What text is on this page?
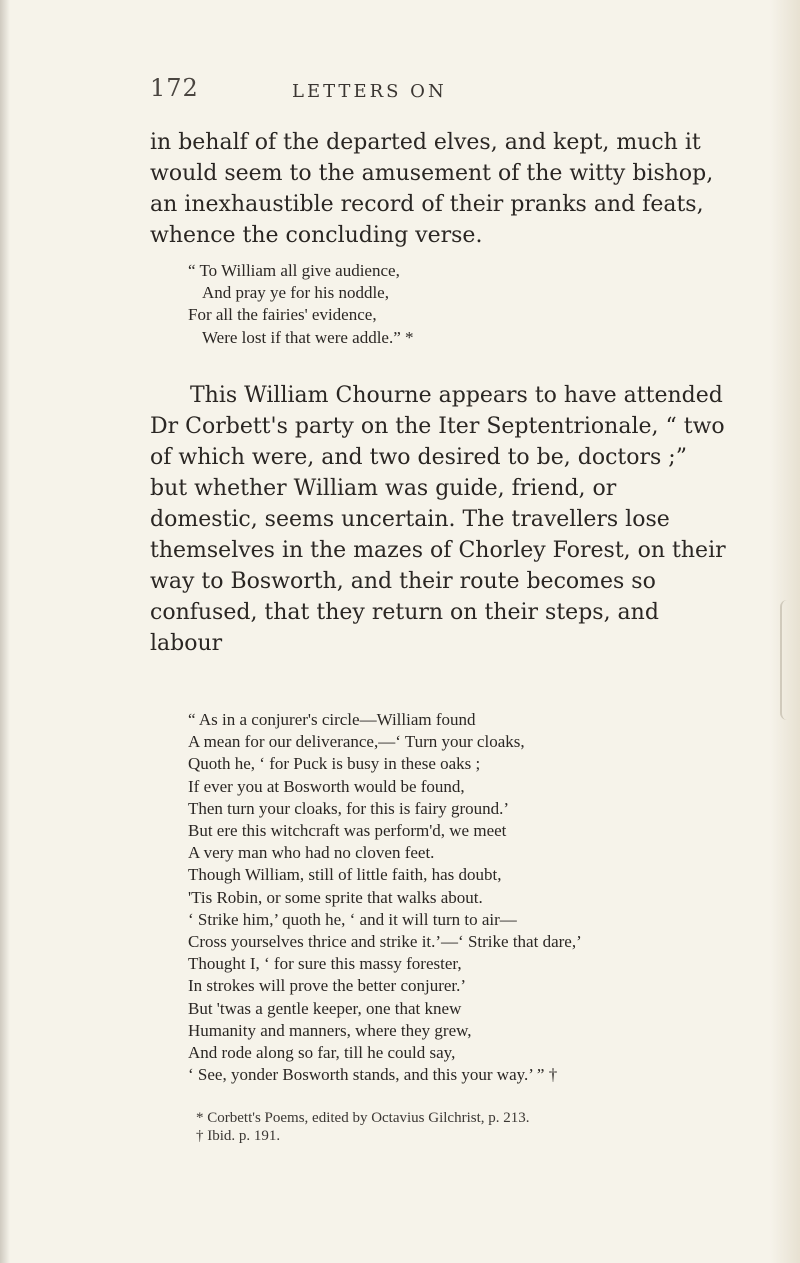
172	LETTERS ON

in behalf of the departed elves, and kept, much it would seem to the amusement of the witty bishop, an inexhaustible record of their pranks and feats, whence the concluding verse.

“ To William all give audience,
And pray ye for his noddle,
For all the fairies' evidence,
Were lost if that were addle.” *

This William Chourne appears to have attended Dr Corbett's party on the Iter Septentrionale, “ two of which were, and two desired to be, doctors ;” but whether William was guide, friend, or domestic, seems uncertain. The travellers lose themselves in the mazes of Chorley Forest, on their way to Bosworth, and their route becomes so confused, that they return on their steps, and labour

“ As in a conjurer's circle—William found
A mean for our deliverance,—‘ Turn your cloaks,
Quoth he, ‘ for Puck is busy in these oaks ;
If ever you at Bosworth would be found,
Then turn your cloaks, for this is fairy ground.’
But ere this witchcraft was perform'd, we meet
A very man who had no cloven feet.
Though William, still of little faith, has doubt,
'Tis Robin, or some sprite that walks about.
‘ Strike him,’ quoth he, ‘ and it will turn to air—
Cross yourselves thrice and strike it.’—‘ Strike that dare,’
Thought I, ‘ for sure this massy forester,
In strokes will prove the better conjurer.’
But 'twas a gentle keeper, one that knew
Humanity and manners, where they grew,
And rode along so far, till he could say,
‘ See, yonder Bosworth stands, and this your way.’ ” †
* Corbett's Poems, edited by Octavius Gilchrist, p. 213.
† Ibid. p. 191.
